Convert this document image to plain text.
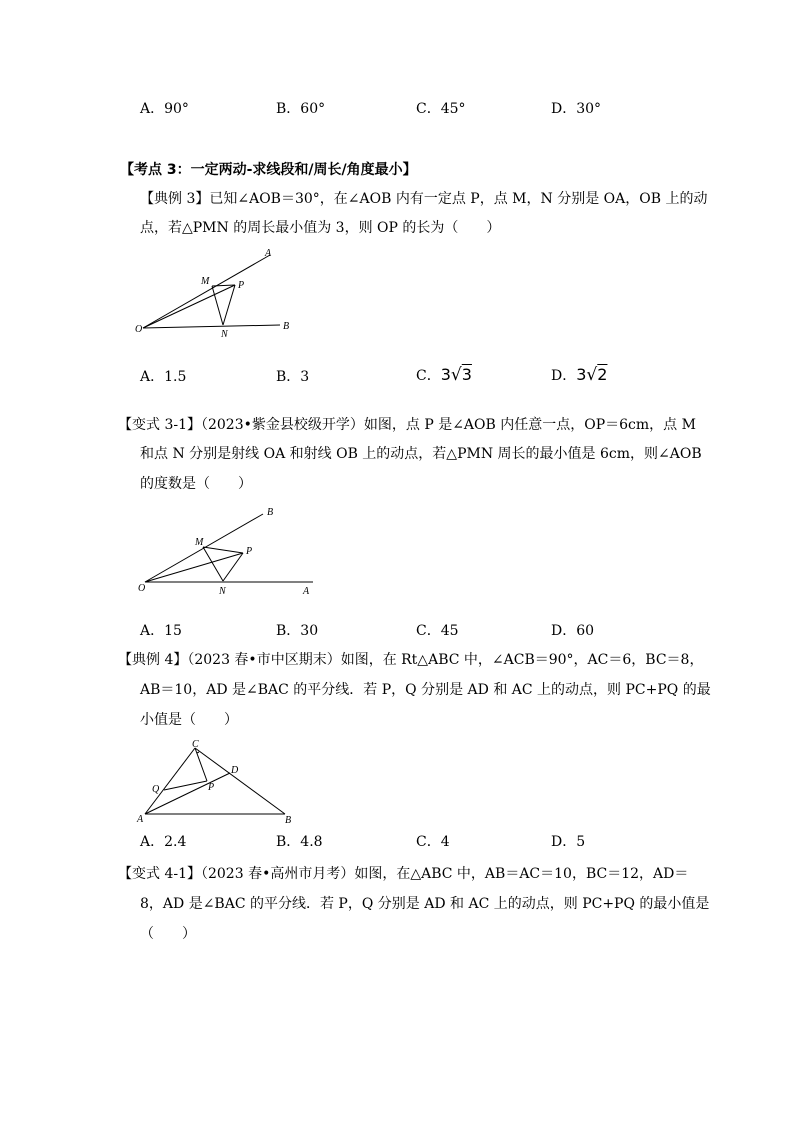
A．90°	B．60°	C．45°	D．30°
【考点 3：一定两动-求线段和/周长/角度最小】
【典例 3】已知∠AOB＝30°，在∠AOB 内有一定点 P，点 M，N 分别是 OA，OB 上的动
点，若△PMN 的周长最小值为 3，则 OP 的长为（　　）
A
M	P
O	N
B
A．1.5	B．3	C．3√3	D．3√2
【变式 3-1】（2023•紫金县校级开学）如图，点 P 是∠AOB 内任意一点，OP＝6cm，点 M
和点 N 分别是射线 OA 和射线 OB 上的动点，若△PMN 周长的最小值是 6cm，则∠AOB
的度数是（　　）
B
M
P
O	N	A
A．15	B．30	C．45	D．60
【典例 4】（2023 春•市中区期末）如图，在 Rt△ABC 中，∠ACB＝90°，AC＝6，BC＝8，
AB＝10，AD 是∠BAC 的平分线．若 P，Q 分别是 AD 和 AC 上的动点，则 PC+PQ 的最
小值是（　　）
C
D
Q	P
A	B
A．2.4	B．4.8	C．4	D．5
【变式 4-1】（2023 春•高州市月考）如图，在△ABC 中，AB＝AC＝10，BC＝12，AD＝
8，AD 是∠BAC 的平分线．若 P，Q 分别是 AD 和 AC 上的动点，则 PC+PQ 的最小值是
（　　）
